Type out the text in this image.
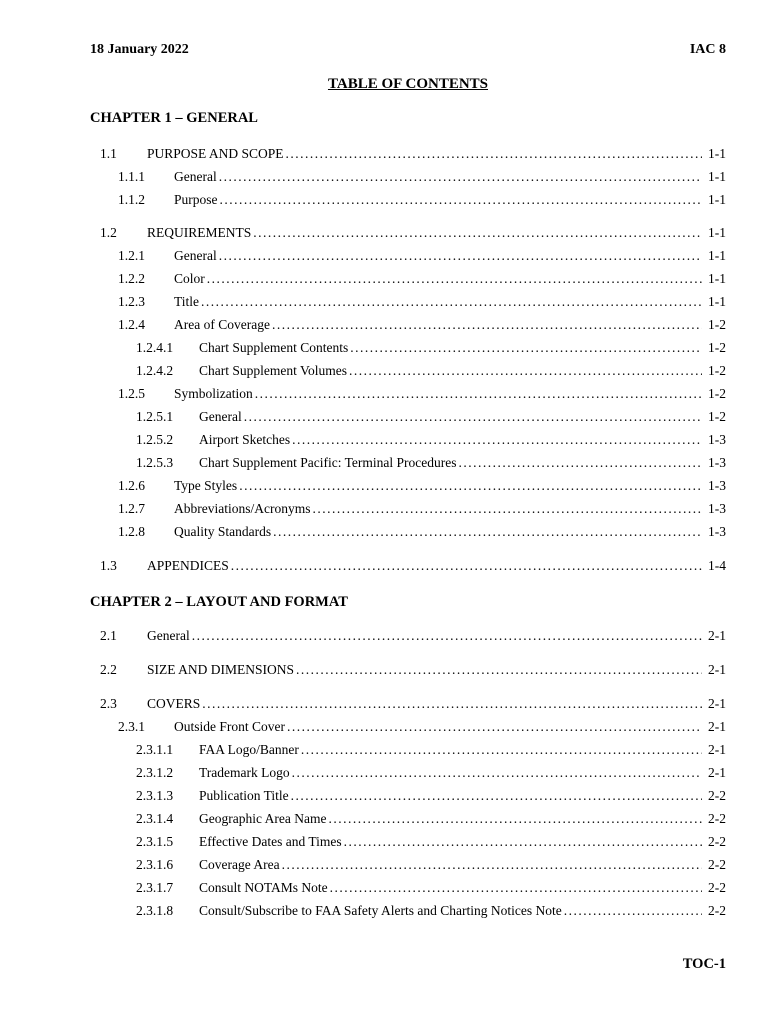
18 January 2022	IAC 8
TABLE OF CONTENTS
CHAPTER 1 – GENERAL
1.1 PURPOSE AND SCOPE .....	1-1
1.1.1 General .....	1-1
1.1.2 Purpose .....	1-1
1.2 REQUIREMENTS .....	1-1
1.2.1 General .....	1-1
1.2.2 Color .....	1-1
1.2.3 Title .....	1-1
1.2.4 Area of Coverage .....	1-2
1.2.4.1 Chart Supplement Contents .....	1-2
1.2.4.2 Chart Supplement Volumes .....	1-2
1.2.5 Symbolization .....	1-2
1.2.5.1 General .....	1-2
1.2.5.2 Airport Sketches .....	1-3
1.2.5.3 Chart Supplement Pacific: Terminal Procedures .....	1-3
1.2.6 Type Styles .....	1-3
1.2.7 Abbreviations/Acronyms .....	1-3
1.2.8 Quality Standards .....	1-3
1.3 APPENDICES .....	1-4
CHAPTER 2 – LAYOUT AND FORMAT
2.1 General .....	2-1
2.2 SIZE AND DIMENSIONS .....	2-1
2.3 COVERS .....	2-1
2.3.1 Outside Front Cover .....	2-1
2.3.1.1 FAA Logo/Banner .....	2-1
2.3.1.2 Trademark Logo .....	2-1
2.3.1.3 Publication Title .....	2-2
2.3.1.4 Geographic Area Name .....	2-2
2.3.1.5 Effective Dates and Times .....	2-2
2.3.1.6 Coverage Area .....	2-2
2.3.1.7 Consult NOTAMs Note .....	2-2
2.3.1.8 Consult/Subscribe to FAA Safety Alerts and Charting Notices Note .....	2-2
TOC-1
